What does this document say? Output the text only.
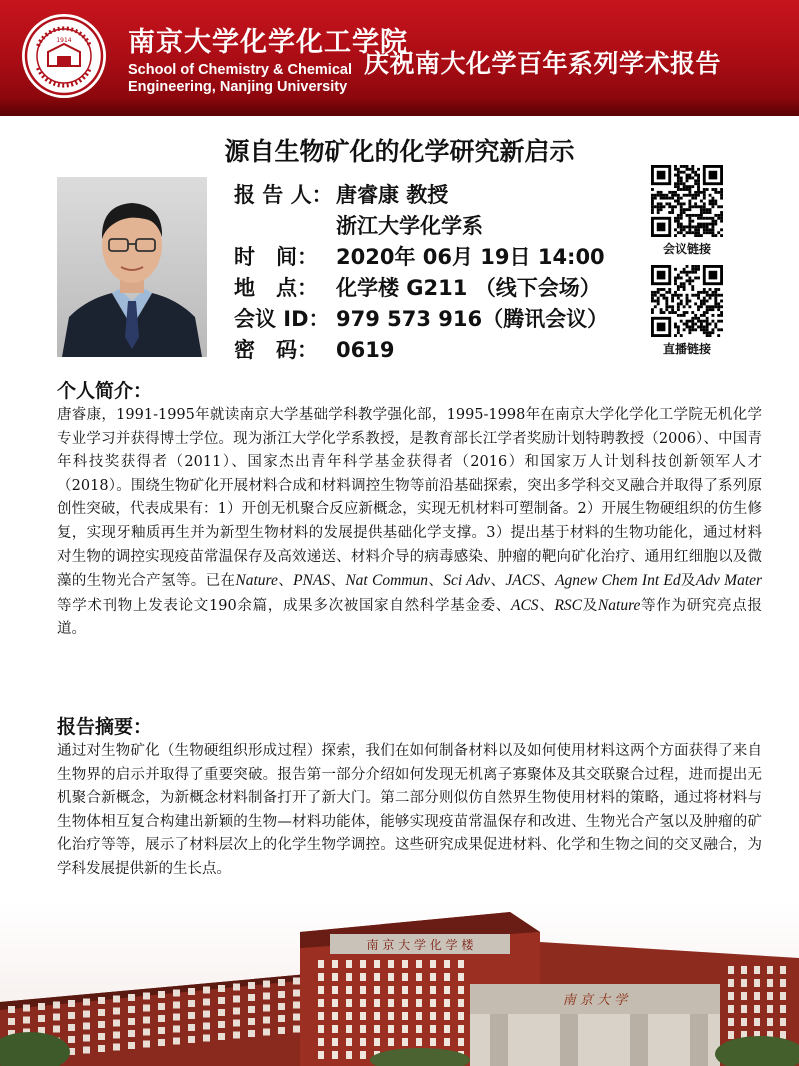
1914 南京大学化学化工学院
School of Chemistry & Chemical
Engineering, Nanjing University
庆祝南大化学百年系列学术报告
源自生物矿化的化学研究新启示
报 告 人： 唐睿康 教授
浙江大学化学系
时　间： 2020年 06月 19日 14:00
地　点： 化学楼 G211 （线下会场）
会议 ID：979 573 916（腾讯会议）
密　码： 0619
会议链接
直播链接
个人简介：
唐睿康，1991-1995年就读南京大学基础学科教学强化部，1995-1998年在南京大学化学化工学院无机化学专业学习并获得博士学位。现为浙江大学化学系教授，是教育部长江学者奖励计划特聘教授（2006）、中国青年科技奖获得者（2011）、国家杰出青年科学基金获得者（2016）和国家万人计划科技创新领军人才（2018）。围绕生物矿化开展材料合成和材料调控生物等前沿基础探索，突出多学科交叉融合并取得了系列原创性突破，代表成果有：1）开创无机聚合反应新概念，实现无机材料可塑制备。2）开展生物硬组织的仿生修复，实现牙釉质再生并为新型生物材料的发展提供基础化学支撑。3）提出基于材料的生物功能化，通过材料对生物的调控实现疫苗常温保存及高效递送、材料介导的病毒感染、肿瘤的靶向矿化治疗、通用红细胞以及微藻的生物光合产氢等。已在Nature、PNAS、Nat Commun、Sci Adv、JACS、Agnew Chem Int Ed及Adv Mater等学术刊物上发表论文190余篇，成果多次被国家自然科学基金委、ACS、RSC及Nature等作为研究亮点报道。
报告摘要：
通过对生物矿化（生物硬组织形成过程）探索，我们在如何制备材料以及如何使用材料这两个方面获得了来自生物界的启示并取得了重要突破。报告第一部分介绍如何发现无机离子寡聚体及其交联聚合过程，进而提出无机聚合新概念，为新概念材料制备打开了新大门。第二部分则似仿自然界生物使用材料的策略，通过将材料与生物体相互复合构建出新颖的生物—材料功能体，能够实现疫苗常温保存和改进、生物光合产氢以及肿瘤的矿化治疗等等，展示了材料层次上的化学生物学调控。这些研究成果促进材料、化学和生物之间的交叉融合，为学科发展提供新的生长点。
南 京 大 学 化 学 楼
南 京 大 学
